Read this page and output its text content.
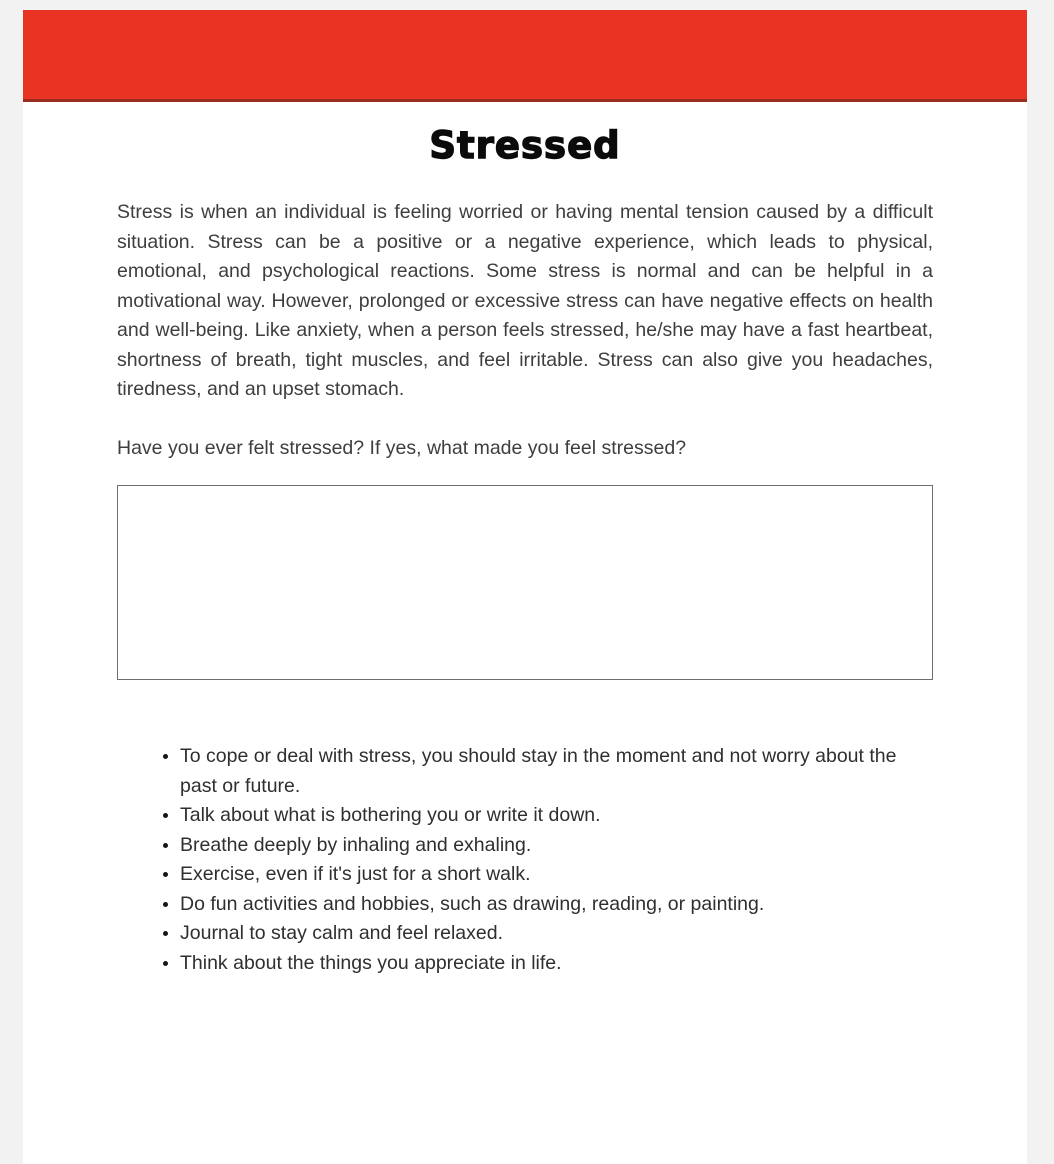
Stressed

Stress is when an individual is feeling worried or having mental tension caused by a difficult situation. Stress can be a positive or a negative experience, which leads to physical, emotional, and psychological reactions. Some stress is normal and can be helpful in a motivational way. However, prolonged or excessive stress can have negative effects on health and well-being. Like anxiety, when a person feels stressed, he/she may have a fast heartbeat, shortness of breath, tight muscles, and feel irritable. Stress can also give you headaches, tiredness, and an upset stomach.

Have you ever felt stressed? If yes, what made you feel stressed?

• To cope or deal with stress, you should stay in the moment and not worry about the past or future.
• Talk about what is bothering you or write it down.
• Breathe deeply by inhaling and exhaling.
• Exercise, even if it's just for a short walk.
• Do fun activities and hobbies, such as drawing, reading, or painting.
• Journal to stay calm and feel relaxed.
• Think about the things you appreciate in life.
